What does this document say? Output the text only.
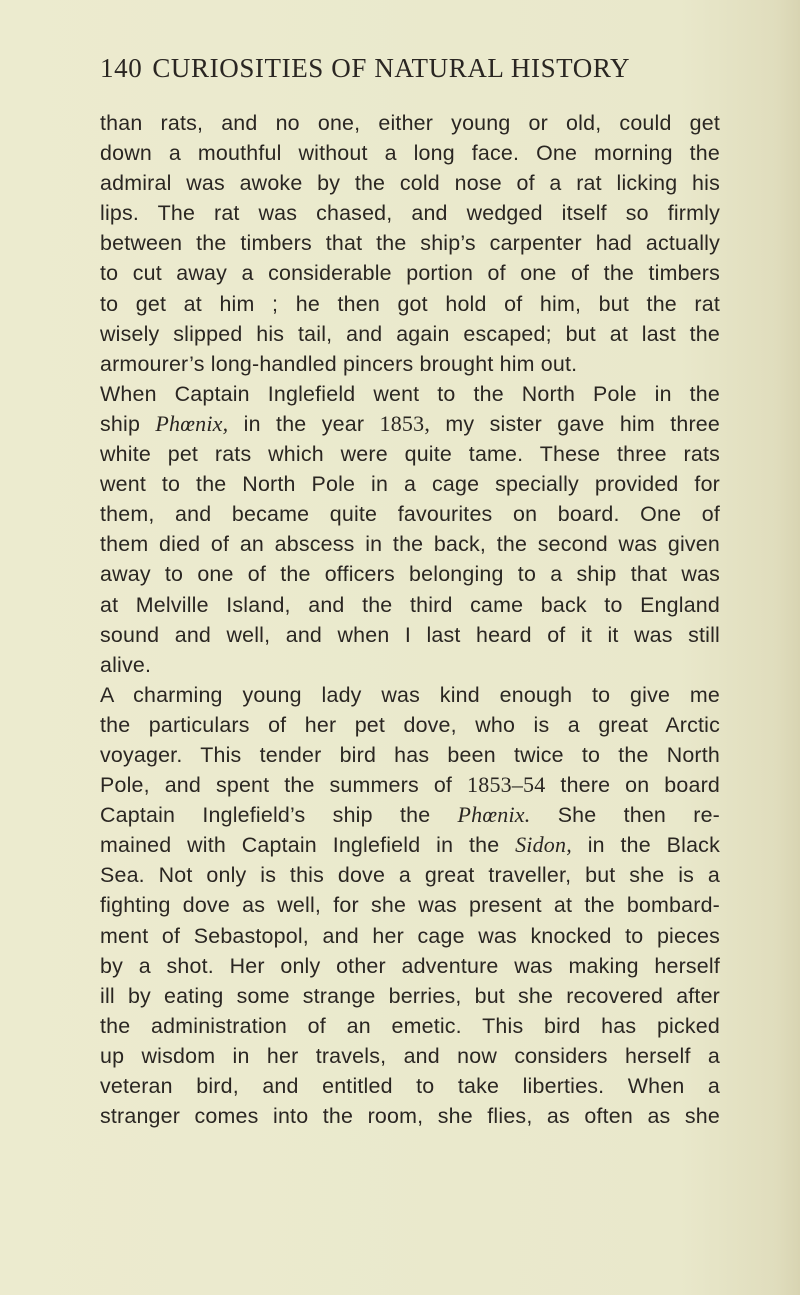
140 CURIOSITIES OF NATURAL HISTORY
than rats, and no one, either young or old, could get
down a mouthful without a long face. One morning the
admiral was awoke by the cold nose of a rat licking his
lips. The rat was chased, and wedged itself so firmly
between the timbers that the ship’s carpenter had actually
to cut away a considerable portion of one of the timbers
to get at him ; he then got hold of him, but the rat
wisely slipped his tail, and again escaped; but at last the
armourer’s long-handled pincers brought him out.
When Captain Inglefield went to the North Pole in the
ship Phœnix, in the year 1853, my sister gave him three
white pet rats which were quite tame. These three rats
went to the North Pole in a cage specially provided for
them, and became quite favourites on board. One of
them died of an abscess in the back, the second was given
away to one of the officers belonging to a ship that was
at Melville Island, and the third came back to England
sound and well, and when I last heard of it it was still
alive.
A charming young lady was kind enough to give me
the particulars of her pet dove, who is a great Arctic
voyager. This tender bird has been twice to the North
Pole, and spent the summers of 1853–54 there on board
Captain Inglefield’s ship the Phœnix. She then re-
mained with Captain Inglefield in the Sidon, in the Black
Sea. Not only is this dove a great traveller, but she is a
fighting dove as well, for she was present at the bombard-
ment of Sebastopol, and her cage was knocked to pieces
by a shot. Her only other adventure was making herself
ill by eating some strange berries, but she recovered after
the administration of an emetic. This bird has picked
up wisdom in her travels, and now considers herself a
veteran bird, and entitled to take liberties. When a
stranger comes into the room, she flies, as often as she
